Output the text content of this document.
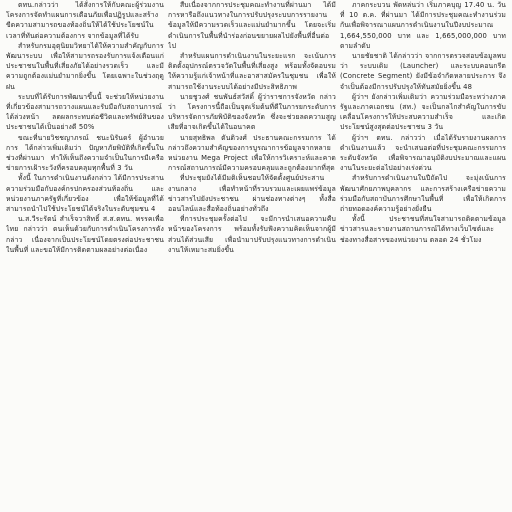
ตทน.กล่าวว่า ได้สั่งการให้กับคณะผู้ร่วมงาน โครงการจัดทำแผนการเตือนภัยเพื่อปฏิรูปและสร้างขีดความสามารถของท้องถิ่นให้ได้ใช้ประโยชน์ในเวลาที่ทันต่อความต้องการ จากข้อมูลที่ได้รับ

สำหรับกรมอุตุนิยมวิทยาได้ให้ความสำคัญกับการพัฒนาระบบ เพื่อให้สามารถรองรับการแจ้งเตือนแก่ประชาชนในพื้นที่เสี่ยงภัยได้อย่างรวดเร็ว และมีความถูกต้องแม่นยำมากยิ่งขึ้น โดยเฉพาะในช่วงฤดูฝน

ระบบที่ได้รับการพัฒนาขึ้นนี้ จะช่วยให้หน่วยงานที่เกี่ยวข้องสามารถวางแผนและรับมือกับสถานการณ์ได้ล่วงหน้า ลดผลกระทบต่อชีวิตและทรัพย์สินของประชาชนได้เป็นอย่างดี 50%

ขณะที่นายวิชชญาภรณ์ ชนะนิรันดร์ ผู้อำนวยการ ได้กล่าวเพิ่มเติมว่า ปัญหาภัยพิบัติที่เกิดขึ้นในช่วงที่ผ่านมา ทำให้เห็นถึงความจำเป็นในการมีเครือข่ายการเฝ้าระวังที่ครอบคลุมทุกพื้นที่ 3 วัน

ทั้งนี้ ในการดำเนินงานดังกล่าว ได้มีการประสานความร่วมมือกับองค์กรปกครองส่วนท้องถิ่น และหน่วยงานภาครัฐที่เกี่ยวข้อง เพื่อให้ข้อมูลที่ได้สามารถนำไปใช้ประโยชน์ได้จริงในระดับชุมชน 4

น.ส.วีระรัตน์ สำเร็จวาสิทธิ์ ส.ส.ตทน. พรรคเพื่อไทย กล่าวว่า ตนเห็นด้วยกับการดำเนินโครงการดังกล่าว เนื่องจากเป็นประโยชน์โดยตรงต่อประชาชนในพื้นที่ และขอให้มีการติดตามผลอย่างต่อเนื่อง

สืบเนื่องจากการประชุมคณะทำงานที่ผ่านมา ได้มีการหารือถึงแนวทางในการปรับปรุงระบบการรายงานข้อมูลให้มีความรวดเร็วและแม่นยำมากขึ้น โดยจะเริ่มดำเนินการในพื้นที่นำร่องก่อนขยายผลไปยังพื้นที่อื่นต่อไป

สำหรับแผนการดำเนินงานในระยะแรก จะเน้นการติดตั้งอุปกรณ์ตรวจวัดในพื้นที่เสี่ยงสูง พร้อมทั้งจัดอบรมให้ความรู้แก่เจ้าหน้าที่และอาสาสมัครในชุมชน เพื่อให้สามารถใช้งานระบบได้อย่างมีประสิทธิภาพ

นายชูวงศ์ ชนพันธ์สวัสดิ์ ผู้ว่าราชการจังหวัด กล่าวว่า โครงการนี้ถือเป็นจุดเริ่มต้นที่ดีในการยกระดับการบริหารจัดการภัยพิบัติของจังหวัด ซึ่งจะช่วยลดความสูญเสียที่อาจเกิดขึ้นได้ในอนาคต

นายสุทธิพล ตันติวงศ์ ประธานคณะกรรมการ ได้กล่าวถึงความสำคัญของการบูรณาการข้อมูลจากหลายหน่วยงาน Mega Project เพื่อให้การวิเคราะห์และคาดการณ์สถานการณ์มีความครอบคลุมและถูกต้องมากที่สุด

ที่ประชุมยังได้มีมติเห็นชอบให้จัดตั้งศูนย์ประสานงานกลาง เพื่อทำหน้าที่รวบรวมและเผยแพร่ข้อมูลข่าวสารไปยังประชาชน ผ่านช่องทางต่างๆ ทั้งสื่อออนไลน์และสื่อท้องถิ่นอย่างทั่วถึง

ที่การประชุมครั้งต่อไป จะมีการนำเสนอความคืบหน้าของโครงการ พร้อมทั้งรับฟังความคิดเห็นจากผู้มีส่วนได้ส่วนเสีย เพื่อนำมาปรับปรุงแนวทางการดำเนินงานให้เหมาะสมยิ่งขึ้น

ภาคกระบวน พัดหล่นว่า เริ่มภาคบุญ 17.40 น. วันที่ 10 ต.ค. ที่ผ่านมา ได้มีการประชุมคณะทำงานร่วมกันเพื่อพิจารณาแผนการดำเนินงานในปีงบประมาณ 1,664,550,000 บาท และ 1,665,000,000 บาท ตามลำดับ

นายชัยชาติ ได้กล่าวว่า จากการตรวจสอบข้อมูลพบว่า ระบบเดิม (Launcher) และระบบคอนกรีต (Concrete Segment) ยังมีข้อจำกัดหลายประการ จึงจำเป็นต้องมีการปรับปรุงให้ทันสมัยยิ่งขึ้น 48

ผู้ว่าฯ ยังกล่าวเพิ่มเติมว่า ความร่วมมือระหว่างภาครัฐและภาคเอกชน (สท.) จะเป็นกลไกสำคัญในการขับเคลื่อนโครงการให้ประสบความสำเร็จ และเกิดประโยชน์สูงสุดต่อประชาชน 3 วัน

ผู้ว่าฯ ตทน. กล่าวว่า เมื่อได้รับรายงานผลการดำเนินงานแล้ว จะนำเสนอต่อที่ประชุมคณะกรรมการระดับจังหวัด เพื่อพิจารณาอนุมัติงบประมาณและแผนงานในระยะต่อไปอย่างเร่งด่วน

สำหรับการดำเนินงานในปีถัดไป จะมุ่งเน้นการพัฒนาศักยภาพบุคลากร และการสร้างเครือข่ายความร่วมมือกับสถาบันการศึกษาในพื้นที่ เพื่อให้เกิดการถ่ายทอดองค์ความรู้อย่างยั่งยืน

ทั้งนี้ ประชาชนที่สนใจสามารถติดตามข้อมูลข่าวสารและรายงานสถานการณ์ได้ทางเว็บไซต์และช่องทางสื่อสารของหน่วยงาน ตลอด 24 ชั่วโมง
